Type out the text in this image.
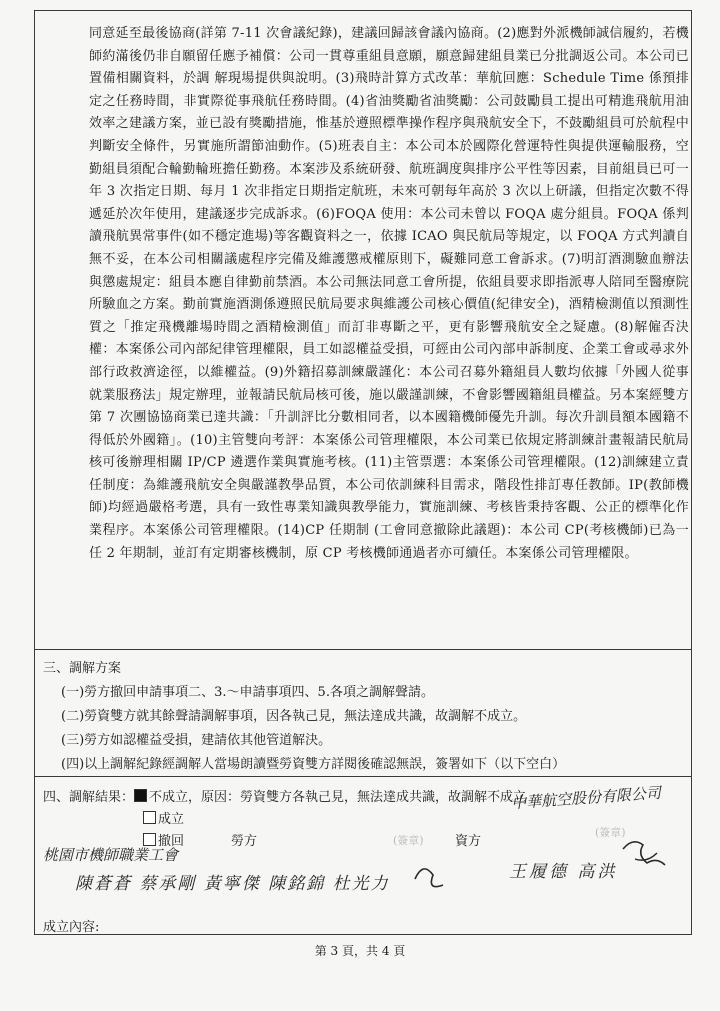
同意延至最後協商(詳第 7-11 次會議紀錄)，建議回歸該會議內協商。(2)應對外派機師誠信履約，若機師約滿後仍非自願留任應予補償：公司一貫尊重組員意願，願意歸建組員業已分批調返公司。本公司已置備相關資料，於調 解現場提供與說明。(3)飛時計算方式改革：華航回應：Schedule Time 係預排定之任務時間，非實際從事飛航任務時間。(4)省油獎勵省油獎勵：公司鼓勵員工提出可精進飛航用油效率之建議方案，並已設有獎勵措施，惟基於遵照標準操作程序與飛航安全下，不鼓勵組員可於航程中判斷安全條件，另實施所謂節油動作。(5)班表自主：本公司本於國際化營運特性與提供運輸服務，空勤組員須配合輪勤輪班擔任勤務。本案涉及系統研發、航班調度與排序公平性等因素，目前組員已可一年 3 次指定日期、每月 1 次非指定日期指定航班，未來可朝每年高於 3 次以上研議，但指定次數不得遞延於次年使用，建議逐步完成訴求。(6)FOQA 使用：本公司未曾以 FOQA 處分組員。FOQA 係判讀飛航異常事件(如不穩定進場)等客觀資料之一，依據 ICAO 與民航局等規定，以 FOQA 方式判讀自無不妥，在本公司相關議處程序完備及維護懲戒權原則下，礙難同意工會訴求。(7)明訂酒測驗血辦法與懲處規定：組員本應自律勤前禁酒。本公司無法同意工會所提，依組員要求即指派專人陪同至醫療院所驗血之方案。勤前實施酒測係遵照民航局要求與維護公司核心價值(紀律安全)，酒精檢測值以預測性質之「推定飛機離場時間之酒精檢測值」而訂非專斷之平，更有影響飛航安全之疑慮。(8)解僱否決權：本案係公司內部紀律管理權限，員工如認權益受損，可經由公司內部申訴制度、企業工會或尋求外部行政救濟途徑，以維權益。(9)外籍招募訓練嚴謹化：本公司召募外籍組員人數均依據「外國人從事就業服務法」規定辦理，並報請民航局核可後，施以嚴謹訓練，不會影響國籍組員權益。另本案經雙方第 7 次團協協商業已達共識：「升訓評比分數相同者，以本國籍機師優先升訓。每次升訓員額本國籍不得低於外國籍」。(10)主管雙向考評：本案係公司管理權限，本公司業已依規定將訓練計畫報請民航局核可後辦理相關 IP/CP 遴選作業與實施考核。(11)主管票選：本案係公司管理權限。(12)訓練建立責任制度：為維護飛航安全與嚴謹教學品質，本公司依訓練科目需求，階段性排訂專任教師。IP(教師機師)均經過嚴格考選，具有一致性專業知識與教學能力，實施訓練、考核皆秉持客觀、公正的標準化作業程序。本案係公司管理權限。(14)CP 任期制 (工會同意撤除此議題)：本公司 CP(考核機師)已為一任 2 年期制，並訂有定期審核機制，原 CP 考核機師通過者亦可續任。本案係公司管理權限。

三、調解方案
(一)勞方撤回申請事項二、3.～申請事項四、5.各項之調解聲請。
(二)勞資雙方就其餘聲請調解事項，因各執己見，無法達成共識，故調解不成立。
(三)勞方如認權益受損，建請依其他管道解決。
(四)以上調解紀錄經調解人當場朗讀暨勞資雙方詳閱後確認無誤，簽署如下（以下空白）
四、調解結果： 不成立，原因：勞資雙方各執己見，無法達成共識，故調解不成立
成立
撤回	勞方	(簽章) 資方
(簽章)
中華航空股份有限公司
桃園市機師職業工會
陳蒼蒼 蔡承剛 黃寧傑 陳銘錦 杜光力
王履德 高洪
成立內容:
第 3 頁，共 4 頁
